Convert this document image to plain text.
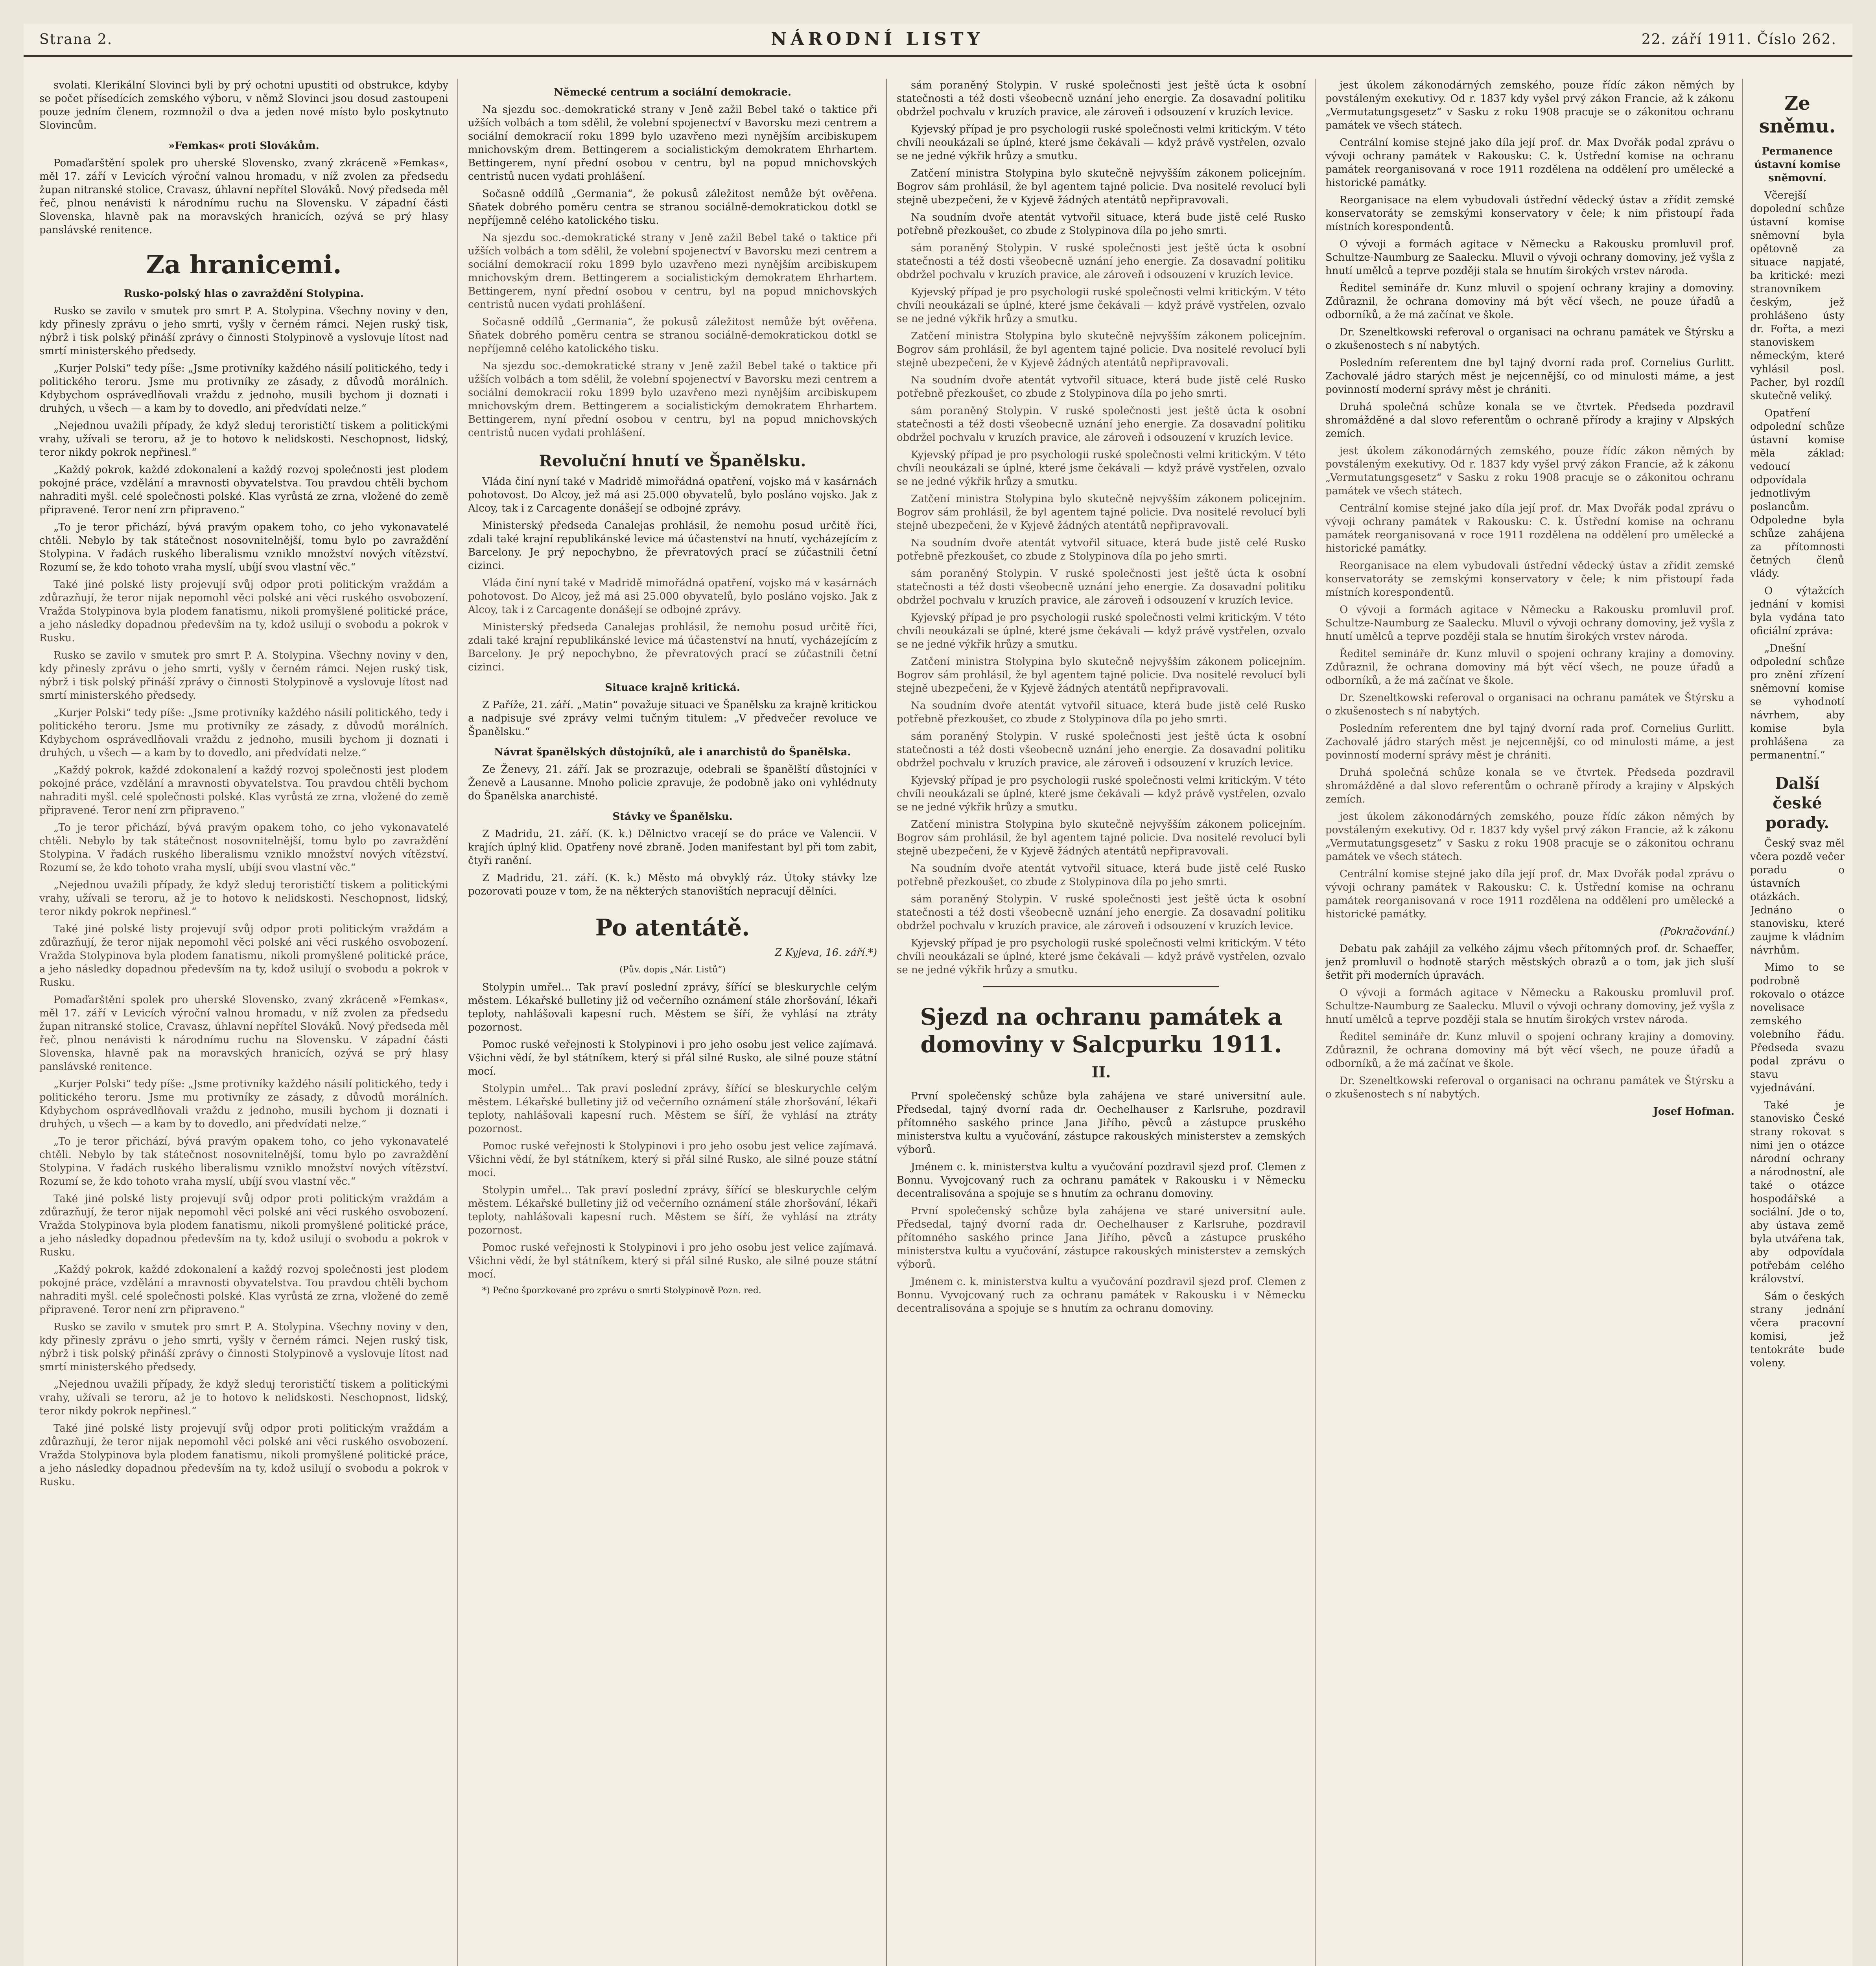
Strana 2.	NÁRODNÍ LISTY	22. září 1911. Číslo 262.

svolati. Klerikální Slovinci byli by prý ochotni upustiti od obstrukce, kdyby se počet přísedících zemského výboru, v němž Slovinci jsou dosud zastoupeni pouze jedním členem, rozmnožil o dva a jeden nové místo bylo poskytnuto Slovincům.

»Femkas« proti Slovákům.

Pomaďarštění spolek pro uherské Slovensko, zvaný zkráceně »Femkas«, měl 17. září v Levicích výroční valnou hromadu, v níž zvolen za předsedu župan nitranské stolice, Cravasz, úhlavní nepřítel Slováků. Nový předseda měl řeč, plnou nenávisti k národnímu ruchu na Slovensku. V západní části Slovenska, hlavně pak na moravských hranicích, ozývá se prý hlasy panslávské renitence.

Za hranicemi.
Rusko-polský hlas o zavraždění Stolypina.

Rusko se zavilo v smutek pro smrt P. A. Stolypina. Všechny noviny v den, kdy přinesly zprávu o jeho smrti, vyšly v černém rámci. Nejen ruský tisk, nýbrž i tisk polský přináší zprávy o činnosti Stolypinově a vyslovuje lítost nad smrtí ministerského předsedy.

„Kurjer Polski“ tedy píše: „Jsme protivníky každého násilí politického, tedy i politického teroru. Jsme mu protivníky ze zásady, z důvodů morálních. Kdybychom osprávedlňovali vraždu z jednoho, musili bychom ji doznati i druhých, u všech — a kam by to dovedlo, ani předvídati nelze.“

„Nejednou uvažili případy, že když sleduj terorističtí tiskem a politickými vrahy, užívali se teroru, až je to hotovo k nelidskosti. Neschopnost, lidský, teror nikdy pokrok nepřinesl.“

„Každý pokrok, každé zdokonalení a každý rozvoj společnosti jest plodem pokojné práce, vzdělání a mravnosti obyvatelstva. Tou pravdou chtěli bychom nahraditi myšl. celé společnosti polské. Klas vyrůstá ze zrna, vložené do země připravené. Teror není zrn připraveno.“

„To je teror přichází, bývá pravým opakem toho, co jeho vykonavatelé chtěli. Nebylo by tak státečnost nosovnitelnější, tomu bylo po zavraždění Stolypina. V řadách ruského liberalismu vzniklo množství nových vítězství. Rozumí se, že kdo tohoto vraha myslí, ubíjí svou vlastní věc.“

Také jiné polské listy projevují svůj odpor proti politickým vraždám a zdůrazňují, že teror nijak nepomohl věci polské ani věci ruského osvobození. Vražda Stolypinova byla plodem fanatismu, nikoli promyšlené politické práce, a jeho následky dopadnou především na ty, kdož usilují o svobodu a pokrok v Rusku.

Rusko se zavilo v smutek pro smrt P. A. Stolypina. Všechny noviny v den, kdy přinesly zprávu o jeho smrti, vyšly v černém rámci. Nejen ruský tisk, nýbrž i tisk polský přináší zprávy o činnosti Stolypinově a vyslovuje lítost nad smrtí ministerského předsedy.

„Kurjer Polski“ tedy píše: „Jsme protivníky každého násilí politického, tedy i politického teroru. Jsme mu protivníky ze zásady, z důvodů morálních. Kdybychom osprávedlňovali vraždu z jednoho, musili bychom ji doznati i druhých, u všech — a kam by to dovedlo, ani předvídati nelze.“

„Každý pokrok, každé zdokonalení a každý rozvoj společnosti jest plodem pokojné práce, vzdělání a mravnosti obyvatelstva. Tou pravdou chtěli bychom nahraditi myšl. celé společnosti polské. Klas vyrůstá ze zrna, vložené do země připravené. Teror není zrn připraveno.“

„To je teror přichází, bývá pravým opakem toho, co jeho vykonavatelé chtěli. Nebylo by tak státečnost nosovnitelnější, tomu bylo po zavraždění Stolypina. V řadách ruského liberalismu vzniklo množství nových vítězství. Rozumí se, že kdo tohoto vraha myslí, ubíjí svou vlastní věc.“

„Nejednou uvažili případy, že když sleduj terorističtí tiskem a politickými vrahy, užívali se teroru, až je to hotovo k nelidskosti. Neschopnost, lidský, teror nikdy pokrok nepřinesl.“

Také jiné polské listy projevují svůj odpor proti politickým vraždám a zdůrazňují, že teror nijak nepomohl věci polské ani věci ruského osvobození. Vražda Stolypinova byla plodem fanatismu, nikoli promyšlené politické práce, a jeho následky dopadnou především na ty, kdož usilují o svobodu a pokrok v Rusku.

Pomaďarštění spolek pro uherské Slovensko, zvaný zkráceně »Femkas«, měl 17. září v Levicích výroční valnou hromadu, v níž zvolen za předsedu župan nitranské stolice, Cravasz, úhlavní nepřítel Slováků. Nový předseda měl řeč, plnou nenávisti k národnímu ruchu na Slovensku. V západní části Slovenska, hlavně pak na moravských hranicích, ozývá se prý hlasy panslávské renitence.

„Kurjer Polski“ tedy píše: „Jsme protivníky každého násilí politického, tedy i politického teroru. Jsme mu protivníky ze zásady, z důvodů morálních. Kdybychom osprávedlňovali vraždu z jednoho, musili bychom ji doznati i druhých, u všech — a kam by to dovedlo, ani předvídati nelze.“

„To je teror přichází, bývá pravým opakem toho, co jeho vykonavatelé chtěli. Nebylo by tak státečnost nosovnitelnější, tomu bylo po zavraždění Stolypina. V řadách ruského liberalismu vzniklo množství nových vítězství. Rozumí se, že kdo tohoto vraha myslí, ubíjí svou vlastní věc.“

Také jiné polské listy projevují svůj odpor proti politickým vraždám a zdůrazňují, že teror nijak nepomohl věci polské ani věci ruského osvobození. Vražda Stolypinova byla plodem fanatismu, nikoli promyšlené politické práce, a jeho následky dopadnou především na ty, kdož usilují o svobodu a pokrok v Rusku.

„Každý pokrok, každé zdokonalení a každý rozvoj společnosti jest plodem pokojné práce, vzdělání a mravnosti obyvatelstva. Tou pravdou chtěli bychom nahraditi myšl. celé společnosti polské. Klas vyrůstá ze zrna, vložené do země připravené. Teror není zrn připraveno.“

Rusko se zavilo v smutek pro smrt P. A. Stolypina. Všechny noviny v den, kdy přinesly zprávu o jeho smrti, vyšly v černém rámci. Nejen ruský tisk, nýbrž i tisk polský přináší zprávy o činnosti Stolypinově a vyslovuje lítost nad smrtí ministerského předsedy.

„Nejednou uvažili případy, že když sleduj terorističtí tiskem a politickými vrahy, užívali se teroru, až je to hotovo k nelidskosti. Neschopnost, lidský, teror nikdy pokrok nepřinesl.“

Také jiné polské listy projevují svůj odpor proti politickým vraždám a zdůrazňují, že teror nijak nepomohl věci polské ani věci ruského osvobození. Vražda Stolypinova byla plodem fanatismu, nikoli promyšlené politické práce, a jeho následky dopadnou především na ty, kdož usilují o svobodu a pokrok v Rusku.

Německé centrum a sociální demokracie.

Na sjezdu soc.-demokratické strany v Jeně zažil Bebel také o taktice při užších volbách a tom sdělil, že volební spojenectví v Bavorsku mezi centrem a sociální demokracií roku 1899 bylo uzavřeno mezi nynějším arcibiskupem mnichovským drem. Bettingerem a socialistickým demokratem Ehrhartem. Bettingerem, nyní přední osobou v centru, byl na popud mnichovských centristů nucen vydati prohlášení.

Sočasně oddílů „Germania“, že pokusů záležitost nemůže být ověřena. Sňatek dobrého poměru centra se stranou sociálně-demokratickou dotkl se nepříjemně celého katolického tisku.

Na sjezdu soc.-demokratické strany v Jeně zažil Bebel také o taktice při užších volbách a tom sdělil, že volební spojenectví v Bavorsku mezi centrem a sociální demokracií roku 1899 bylo uzavřeno mezi nynějším arcibiskupem mnichovským drem. Bettingerem a socialistickým demokratem Ehrhartem. Bettingerem, nyní přední osobou v centru, byl na popud mnichovských centristů nucen vydati prohlášení.

Sočasně oddílů „Germania“, že pokusů záležitost nemůže být ověřena. Sňatek dobrého poměru centra se stranou sociálně-demokratickou dotkl se nepříjemně celého katolického tisku.

Na sjezdu soc.-demokratické strany v Jeně zažil Bebel také o taktice při užších volbách a tom sdělil, že volební spojenectví v Bavorsku mezi centrem a sociální demokracií roku 1899 bylo uzavřeno mezi nynějším arcibiskupem mnichovským drem. Bettingerem a socialistickým demokratem Ehrhartem. Bettingerem, nyní přední osobou v centru, byl na popud mnichovských centristů nucen vydati prohlášení.

Revoluční hnutí ve Španělsku.

Vláda činí nyní také v Madridě mimořádná opatření, vojsko má v kasárnách pohotovost. Do Alcoy, jež má asi 25.000 obyvatelů, bylo posláno vojsko. Jak z Alcoy, tak i z Carcagente donášejí se odbojné zprávy.

Ministerský předseda Canalejas prohlásil, že nemohu posud určitě říci, zdali také krajní republikánské levice má účastenství na hnutí, vycházejícím z Barcelony. Je prý nepochybno, že převratových prací se zúčastnili četní cizinci.

Vláda činí nyní také v Madridě mimořádná opatření, vojsko má v kasárnách pohotovost. Do Alcoy, jež má asi 25.000 obyvatelů, bylo posláno vojsko. Jak z Alcoy, tak i z Carcagente donášejí se odbojné zprávy.

Ministerský předseda Canalejas prohlásil, že nemohu posud určitě říci, zdali také krajní republikánské levice má účastenství na hnutí, vycházejícím z Barcelony. Je prý nepochybno, že převratových prací se zúčastnili četní cizinci.

Situace krajně kritická.

Z Paříže, 21. září. „Matin“ považuje situaci ve Španělsku za krajně kritickou a nadpisuje své zprávy velmi tučným titulem: „V předvečer revoluce ve Španělsku.“

Návrat španělských důstojníků, ale i anarchistů do Španělska.

Ze Ženevy, 21. září. Jak se prozrazuje, odebrali se španělští důstojníci v Ženevě a Lausanne. Mnoho policie zpravuje, že podobně jako oni vyhlédnuty do Španělska anarchisté.

Stávky ve Španělsku.

Z Madridu, 21. září. (K. k.) Dělnictvo vracejí se do práce ve Valencii. V krajích úplný klid. Opatřeny nové zbraně. Joden manifestant byl při tom zabit, čtyři ranění.

Z Madridu, 21. září. (K. k.) Město má obvyklý ráz. Útoky stávky lze pozorovati pouze v tom, že na některých stanovištích nepracují dělníci.

Po atentátě.

Z Kyjeva, 16. září.*)

(Pův. dopis „Nár. Listů“)

Stolypin umřel... Tak praví poslední zprávy, šířící se bleskurychle celým městem. Lékařské bulletiny již od večerního oznámení stále zhoršování, lékaři teploty, nahlášovali kapesní ruch. Městem se šíří, že vyhlásí na ztráty pozornost.

Pomoc ruské veřejnosti k Stolypinovi i pro jeho osobu jest velice zajímavá. Všichni vědí, že byl státníkem, který si přál silné Rusko, ale silné pouze státní mocí.

Stolypin umřel... Tak praví poslední zprávy, šířící se bleskurychle celým městem. Lékařské bulletiny již od večerního oznámení stále zhoršování, lékaři teploty, nahlášovali kapesní ruch. Městem se šíří, že vyhlásí na ztráty pozornost.

Pomoc ruské veřejnosti k Stolypinovi i pro jeho osobu jest velice zajímavá. Všichni vědí, že byl státníkem, který si přál silné Rusko, ale silné pouze státní mocí.

Stolypin umřel... Tak praví poslední zprávy, šířící se bleskurychle celým městem. Lékařské bulletiny již od večerního oznámení stále zhoršování, lékaři teploty, nahlášovali kapesní ruch. Městem se šíří, že vyhlásí na ztráty pozornost.

Pomoc ruské veřejnosti k Stolypinovi i pro jeho osobu jest velice zajímavá. Všichni vědí, že byl státníkem, který si přál silné Rusko, ale silné pouze státní mocí.

*) Pečno šporzkované pro zprávu o smrti Stolypinově Pozn. red.

sám poraněný Stolypin. V ruské společnosti jest ještě úcta k osobní statečnosti a též dosti všeobecně uznání jeho energie. Za dosavadní politiku obdržel pochvalu v kruzích pravice, ale zároveň i odsouzení v kruzích levice.

Kyjevský případ je pro psychologii ruské společnosti velmi kritickým. V této chvíli neoukázali se úplné, které jsme čekávali — když právě vystřelen, ozvalo se ne jedné výkřik hrůzy a smutku.

Zatčení ministra Stolypina bylo skutečně nejvyšším zákonem policejním. Bogrov sám prohlásil, že byl agentem tajné policie. Dva nositelé revolucí byli stejně ubezpečeni, že v Kyjevě žádných atentátů nepřipravovali.

Na soudním dvoře atentát vytvořil situace, která bude jistě celé Rusko potřebně přezkoušet, co zbude z Stolypinova díla po jeho smrti.

sám poraněný Stolypin. V ruské společnosti jest ještě úcta k osobní statečnosti a též dosti všeobecně uznání jeho energie. Za dosavadní politiku obdržel pochvalu v kruzích pravice, ale zároveň i odsouzení v kruzích levice.

Kyjevský případ je pro psychologii ruské společnosti velmi kritickým. V této chvíli neoukázali se úplné, které jsme čekávali — když právě vystřelen, ozvalo se ne jedné výkřik hrůzy a smutku.

Zatčení ministra Stolypina bylo skutečně nejvyšším zákonem policejním. Bogrov sám prohlásil, že byl agentem tajné policie. Dva nositelé revolucí byli stejně ubezpečeni, že v Kyjevě žádných atentátů nepřipravovali.

Na soudním dvoře atentát vytvořil situace, která bude jistě celé Rusko potřebně přezkoušet, co zbude z Stolypinova díla po jeho smrti.

sám poraněný Stolypin. V ruské společnosti jest ještě úcta k osobní statečnosti a též dosti všeobecně uznání jeho energie. Za dosavadní politiku obdržel pochvalu v kruzích pravice, ale zároveň i odsouzení v kruzích levice.

Kyjevský případ je pro psychologii ruské společnosti velmi kritickým. V této chvíli neoukázali se úplné, které jsme čekávali — když právě vystřelen, ozvalo se ne jedné výkřik hrůzy a smutku.

Zatčení ministra Stolypina bylo skutečně nejvyšším zákonem policejním. Bogrov sám prohlásil, že byl agentem tajné policie. Dva nositelé revolucí byli stejně ubezpečeni, že v Kyjevě žádných atentátů nepřipravovali.

Na soudním dvoře atentát vytvořil situace, která bude jistě celé Rusko potřebně přezkoušet, co zbude z Stolypinova díla po jeho smrti.

sám poraněný Stolypin. V ruské společnosti jest ještě úcta k osobní statečnosti a též dosti všeobecně uznání jeho energie. Za dosavadní politiku obdržel pochvalu v kruzích pravice, ale zároveň i odsouzení v kruzích levice.

Kyjevský případ je pro psychologii ruské společnosti velmi kritickým. V této chvíli neoukázali se úplné, které jsme čekávali — když právě vystřelen, ozvalo se ne jedné výkřik hrůzy a smutku.

Zatčení ministra Stolypina bylo skutečně nejvyšším zákonem policejním. Bogrov sám prohlásil, že byl agentem tajné policie. Dva nositelé revolucí byli stejně ubezpečeni, že v Kyjevě žádných atentátů nepřipravovali.

Na soudním dvoře atentát vytvořil situace, která bude jistě celé Rusko potřebně přezkoušet, co zbude z Stolypinova díla po jeho smrti.

sám poraněný Stolypin. V ruské společnosti jest ještě úcta k osobní statečnosti a též dosti všeobecně uznání jeho energie. Za dosavadní politiku obdržel pochvalu v kruzích pravice, ale zároveň i odsouzení v kruzích levice.

Kyjevský případ je pro psychologii ruské společnosti velmi kritickým. V této chvíli neoukázali se úplné, které jsme čekávali — když právě vystřelen, ozvalo se ne jedné výkřik hrůzy a smutku.

Zatčení ministra Stolypina bylo skutečně nejvyšším zákonem policejním. Bogrov sám prohlásil, že byl agentem tajné policie. Dva nositelé revolucí byli stejně ubezpečeni, že v Kyjevě žádných atentátů nepřipravovali.

Na soudním dvoře atentát vytvořil situace, která bude jistě celé Rusko potřebně přezkoušet, co zbude z Stolypinova díla po jeho smrti.

sám poraněný Stolypin. V ruské společnosti jest ještě úcta k osobní statečnosti a též dosti všeobecně uznání jeho energie. Za dosavadní politiku obdržel pochvalu v kruzích pravice, ale zároveň i odsouzení v kruzích levice.

Kyjevský případ je pro psychologii ruské společnosti velmi kritickým. V této chvíli neoukázali se úplné, které jsme čekávali — když právě vystřelen, ozvalo se ne jedné výkřik hrůzy a smutku.

Sjezd na ochranu památek a domoviny v Salcpurku 1911.
II.

První společenský schůze byla zahájena ve staré universitní aule. Předsedal, tajný dvorní rada dr. Oechelhauser z Karlsruhe, pozdravil přítomného saského prince Jana Jiřího, pěvců a zástupce pruského ministerstva kultu a vyučování, zástupce rakouských ministerstev a zemských výborů.

Jménem c. k. ministerstva kultu a vyučování pozdravil sjezd prof. Clemen z Bonnu. Vyvojcovaný ruch za ochranu památek v Rakousku i v Německu decentralisována a spojuje se s hnutím za ochranu domoviny.

První společenský schůze byla zahájena ve staré universitní aule. Předsedal, tajný dvorní rada dr. Oechelhauser z Karlsruhe, pozdravil přítomného saského prince Jana Jiřího, pěvců a zástupce pruského ministerstva kultu a vyučování, zástupce rakouských ministerstev a zemských výborů.

Jménem c. k. ministerstva kultu a vyučování pozdravil sjezd prof. Clemen z Bonnu. Vyvojcovaný ruch za ochranu památek v Rakousku i v Německu decentralisována a spojuje se s hnutím za ochranu domoviny.

jest úkolem zákonodárných zemského, pouze řídíc zákon němých by povstáleným exekutivy. Od r. 1837 kdy vyšel prvý zákon Francie, až k zákonu „Vermutatungsgesetz“ v Sasku z roku 1908 pracuje se o zákonitou ochranu památek ve všech státech.

Centrální komise stejné jako díla její prof. dr. Max Dvořák podal zprávu o vývoji ochrany památek v Rakousku: C. k. Ústřední komise na ochranu památek reorganisovaná v roce 1911 rozdělena na oddělení pro umělecké a historické památky.

Reorganisace na elem vybudovali ústřední vědecký ústav a zřídit zemské konservatoráty se zemskými konservatory v čele; k nim přistoupí řada místních korespondentů.

O vývoji a formách agitace v Německu a Rakousku promluvil prof. Schultze-Naumburg ze Saalecku. Mluvil o vývoji ochrany domoviny, jež vyšla z hnutí umělců a teprve později stala se hnutím širokých vrstev národa.

Ředitel semináře dr. Kunz mluvil o spojení ochrany krajiny a domoviny. Zdůraznil, že ochrana domoviny má být věcí všech, ne pouze úřadů a odborníků, a že má začínat ve škole.

Dr. Szeneltkowski referoval o organisaci na ochranu památek ve Štýrsku a o zkušenostech s ní nabytých.

Posledním referentem dne byl tajný dvorní rada prof. Cornelius Gurlitt. Zachovalé jádro starých měst je nejcennější, co od minulosti máme, a jest povinností moderní správy měst je chrániti.

Druhá společná schůze konala se ve čtvrtek. Předseda pozdravil shromážděné a dal slovo referentům o ochraně přírody a krajiny v Alpských zemích.

jest úkolem zákonodárných zemského, pouze řídíc zákon němých by povstáleným exekutivy. Od r. 1837 kdy vyšel prvý zákon Francie, až k zákonu „Vermutatungsgesetz“ v Sasku z roku 1908 pracuje se o zákonitou ochranu památek ve všech státech.

Centrální komise stejné jako díla její prof. dr. Max Dvořák podal zprávu o vývoji ochrany památek v Rakousku: C. k. Ústřední komise na ochranu památek reorganisovaná v roce 1911 rozdělena na oddělení pro umělecké a historické památky.

Reorganisace na elem vybudovali ústřední vědecký ústav a zřídit zemské konservatoráty se zemskými konservatory v čele; k nim přistoupí řada místních korespondentů.

O vývoji a formách agitace v Německu a Rakousku promluvil prof. Schultze-Naumburg ze Saalecku. Mluvil o vývoji ochrany domoviny, jež vyšla z hnutí umělců a teprve později stala se hnutím širokých vrstev národa.

Ředitel semináře dr. Kunz mluvil o spojení ochrany krajiny a domoviny. Zdůraznil, že ochrana domoviny má být věcí všech, ne pouze úřadů a odborníků, a že má začínat ve škole.

Dr. Szeneltkowski referoval o organisaci na ochranu památek ve Štýrsku a o zkušenostech s ní nabytých.

Posledním referentem dne byl tajný dvorní rada prof. Cornelius Gurlitt. Zachovalé jádro starých měst je nejcennější, co od minulosti máme, a jest povinností moderní správy měst je chrániti.

Druhá společná schůze konala se ve čtvrtek. Předseda pozdravil shromážděné a dal slovo referentům o ochraně přírody a krajiny v Alpských zemích.

jest úkolem zákonodárných zemského, pouze řídíc zákon němých by povstáleným exekutivy. Od r. 1837 kdy vyšel prvý zákon Francie, až k zákonu „Vermutatungsgesetz“ v Sasku z roku 1908 pracuje se o zákonitou ochranu památek ve všech státech.

Centrální komise stejné jako díla její prof. dr. Max Dvořák podal zprávu o vývoji ochrany památek v Rakousku: C. k. Ústřední komise na ochranu památek reorganisovaná v roce 1911 rozdělena na oddělení pro umělecké a historické památky.

(Pokračování.)

Debatu pak zahájil za velkého zájmu všech přítomných prof. dr. Schaeffer, jenž promluvil o hodnotě starých městských obrazů a o tom, jak jich sluší šetřit při moderních úpravách.

O vývoji a formách agitace v Německu a Rakousku promluvil prof. Schultze-Naumburg ze Saalecku. Mluvil o vývoji ochrany domoviny, jež vyšla z hnutí umělců a teprve později stala se hnutím širokých vrstev národa.

Ředitel semináře dr. Kunz mluvil o spojení ochrany krajiny a domoviny. Zdůraznil, že ochrana domoviny má být věcí všech, ne pouze úřadů a odborníků, a že má začínat ve škole.

Dr. Szeneltkowski referoval o organisaci na ochranu památek ve Štýrsku a o zkušenostech s ní nabytých.

Josef Hofman.

Ze sněmu.
Permanence ústavní komise sněmovní.

Včerejší dopolední schůze ústavní komise sněmovní byla opětovně za situace napjaté, ba kritické: mezi stranovníkem českým, jež prohlášeno ústy dr. Fořta, a mezi stanoviskem německým, které vyhlásil posl. Pacher, byl rozdíl skutečně veliký.

Opatření odpolední schůze ústavní komise měla základ: vedoucí odpovídala jednotlivým poslancům. Odpoledne byla schůze zahájena za přítomnosti četných členů vlády.

O výtažcích jednání v komisi byla vydána tato oficiální zpráva:

„Dnešní odpolední schůze pro znění zřízení sněmovní komise se vyhodnotí návrhem, aby komise byla prohlášena za permanentní.“

Další české porady.

Český svaz měl včera pozdě večer poradu o ústavních otázkách. Jednáno o stanovisku, které zaujme k vládním návrhům.

Mimo to se podrobně rokovalo o otázce novelisace zemského volebního řádu. Předseda svazu podal zprávu o stavu vyjednávání.

Také je stanovisko České strany rokovat s nimi jen o otázce národní ochrany a národnostní, ale také o otázce hospodářské a sociální. Jde o to, aby ústava země byla utvářena tak, aby odpovídala potřebám celého království.

Sám o českých strany jednání včera pracovní komisi, jež tentokráte bude voleny.
